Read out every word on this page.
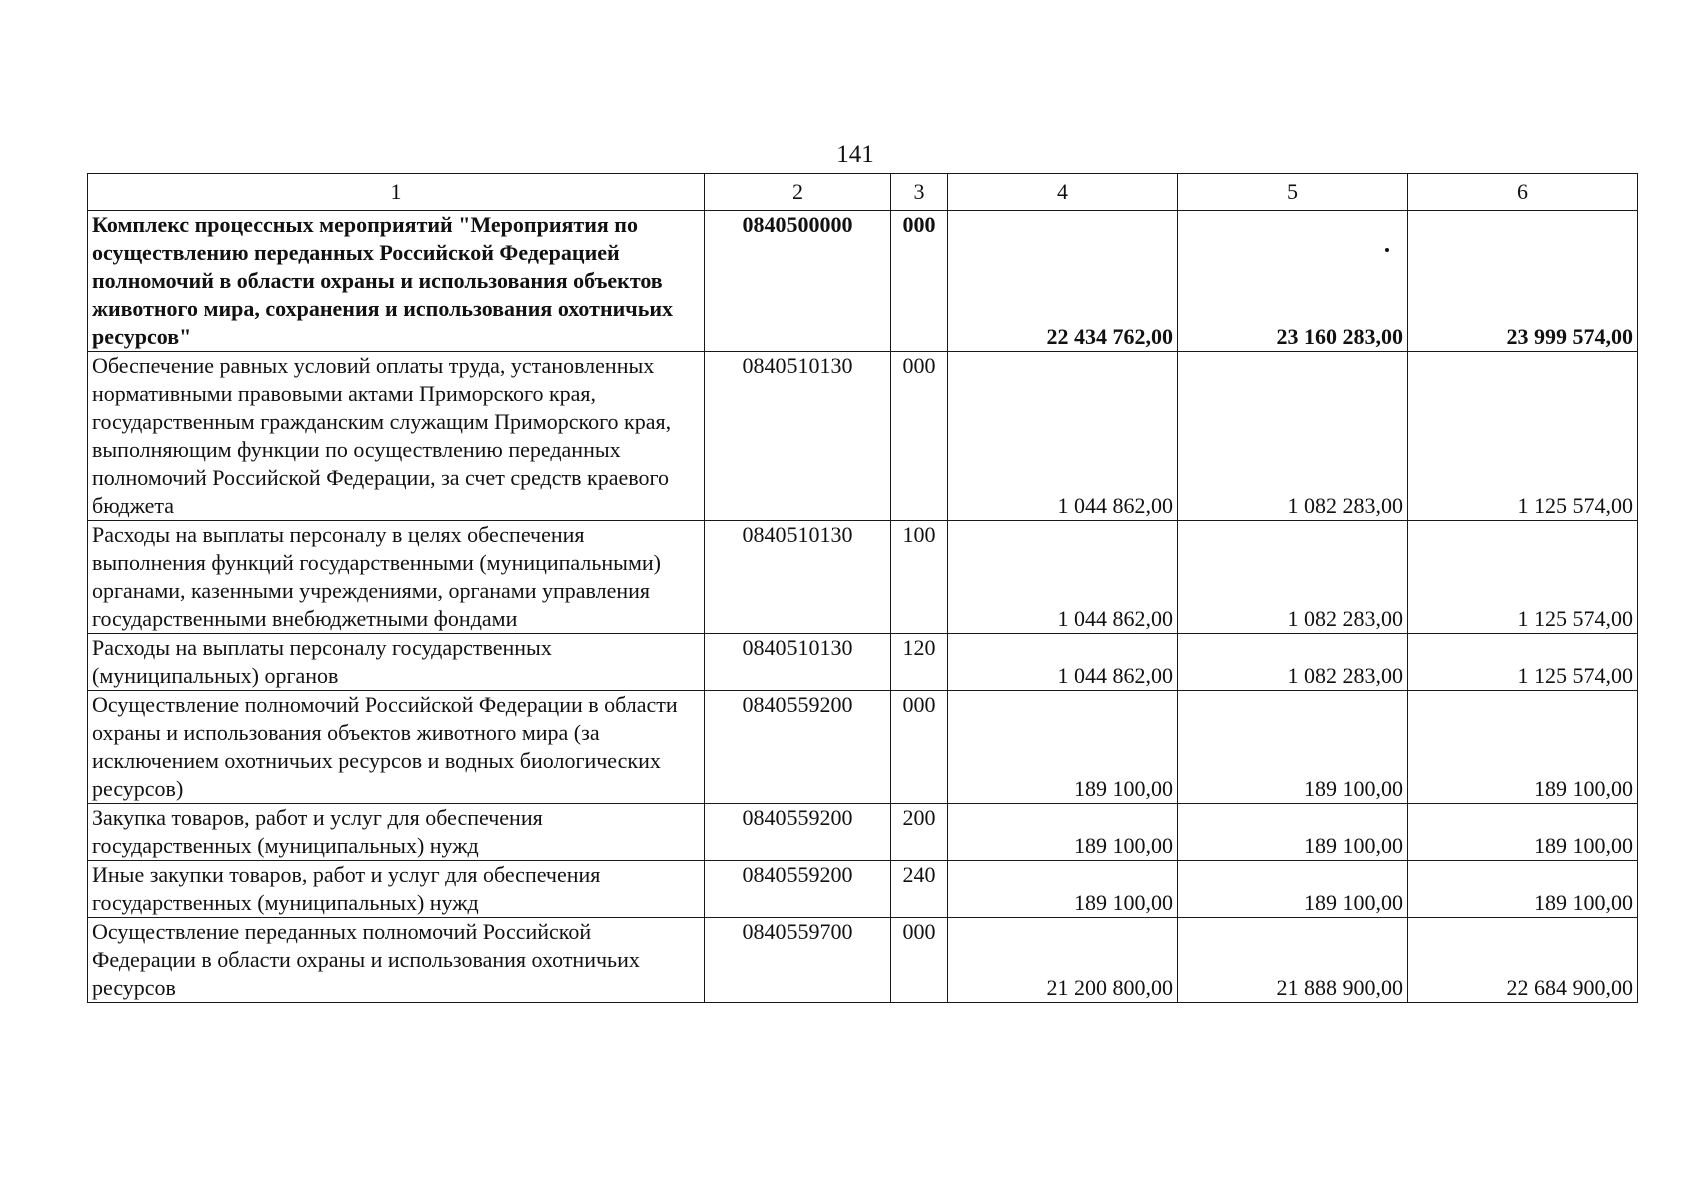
141
1	2	3	4	5	6
Комплекс процессных мероприятий "Мероприятия по осуществлению переданных Российской Федерацией полномочий в области охраны и использования объектов животного мира, сохранения и использования охотничьих ресурсов"	0840500000	000	22 434 762,00	23 160 283,00	23 999 574,00
Обеспечение равных условий оплаты труда, установленных нормативными правовыми актами Приморского края, государственным гражданским служащим Приморского края, выполняющим функции по осуществлению переданных полномочий Российской Федерации, за счет средств краевого бюджета	0840510130	000	1 044 862,00	1 082 283,00	1 125 574,00
Расходы на выплаты персоналу в целях обеспечения выполнения функций государственными (муниципальными) органами, казенными учреждениями, органами управления государственными внебюджетными фондами	0840510130	100	1 044 862,00	1 082 283,00	1 125 574,00
Расходы на выплаты персоналу государственных (муниципальных) органов	0840510130	120	1 044 862,00	1 082 283,00	1 125 574,00
Осуществление полномочий Российской Федерации в области охраны и использования объектов животного мира (за исключением охотничьих ресурсов и водных биологических ресурсов)	0840559200	000	189 100,00	189 100,00	189 100,00
Закупка товаров, работ и услуг для обеспечения государственных (муниципальных) нужд	0840559200	200	189 100,00	189 100,00	189 100,00
Иные закупки товаров, работ и услуг для обеспечения государственных (муниципальных) нужд	0840559200	240	189 100,00	189 100,00	189 100,00
Осуществление переданных полномочий Российской Федерации в области охраны и использования охотничьих ресурсов	0840559700	000	21 200 800,00	21 888 900,00	22 684 900,00
